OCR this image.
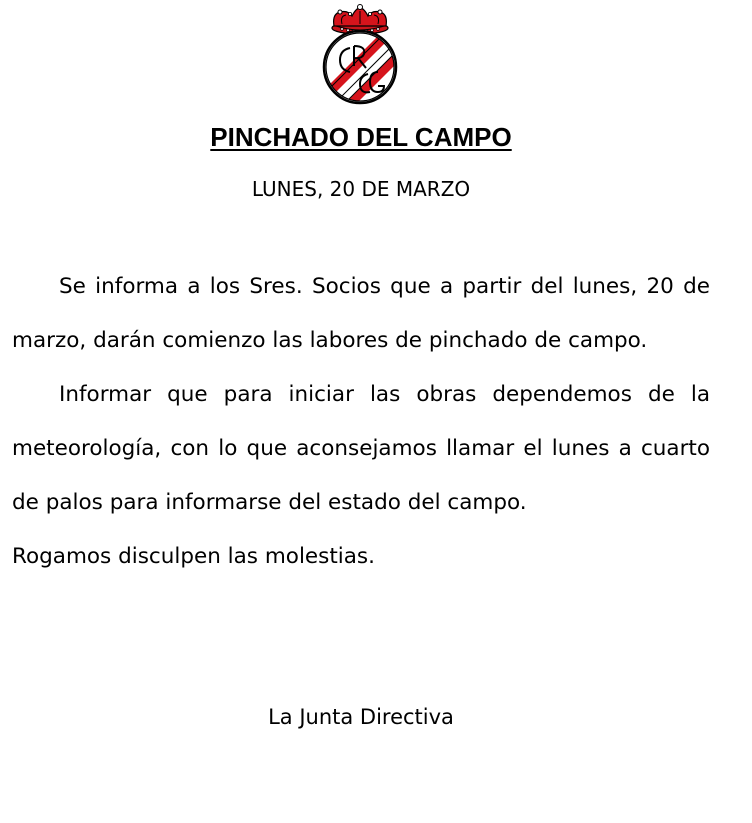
PINCHADO DEL CAMPO
LUNES, 20 DE MARZO

Se informa a los Sres. Socios que a partir del lunes, 20 de marzo, darán comienzo las labores de pinchado de campo.

Informar que para iniciar las obras dependemos de la meteorología, con lo que aconsejamos llamar el lunes a cuarto de palos para informarse del estado del campo.

Rogamos disculpen las molestias.

La Junta Directiva
